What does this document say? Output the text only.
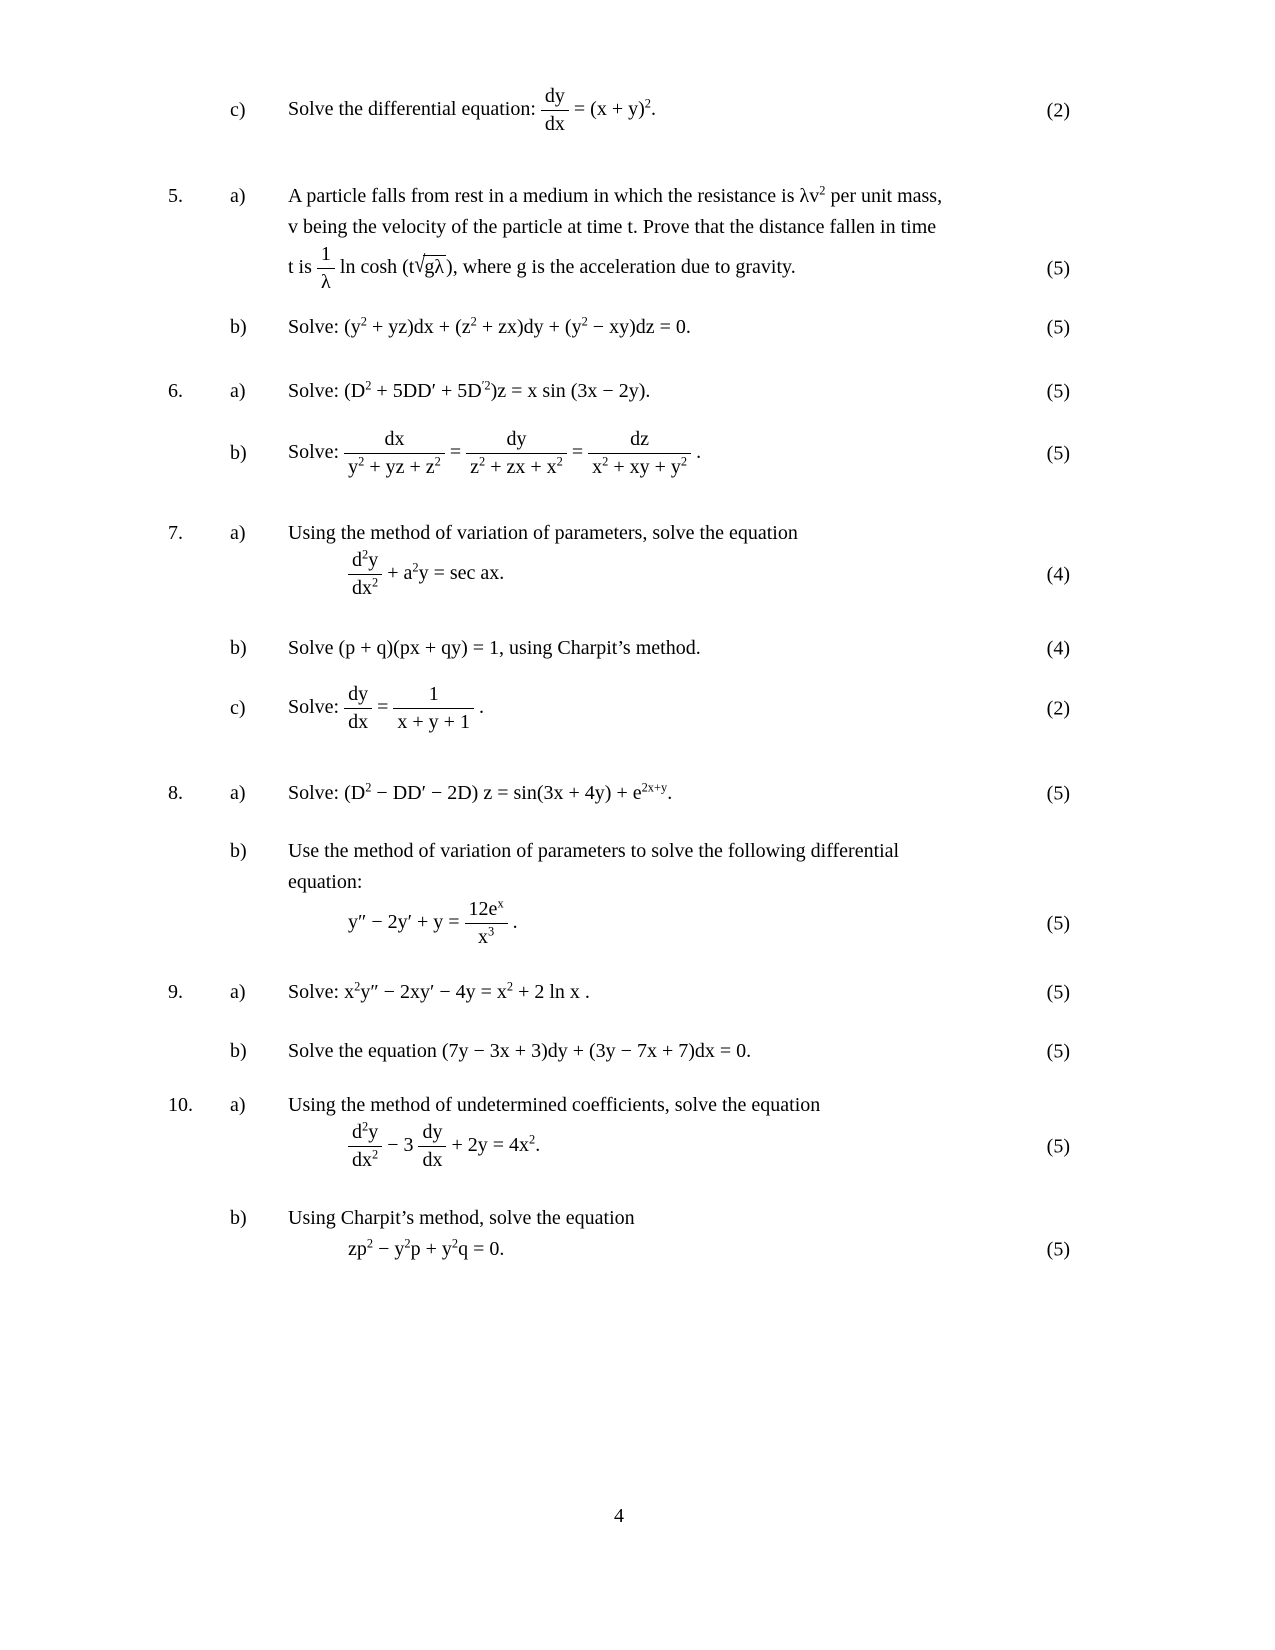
c)	Solve the differential equation: $\frac{dy}{dx} = (x + y)^2$.	(2)
5.	a)	A particle falls from rest in a medium in which the resistance is $\lambda v^2$ per unit mass,
v being the velocity of the particle at time t. Prove that the distance fallen in time
t is $\frac{1}{\lambda}$ ln cosh (t√gλ ), where g is the acceleration due to gravity.	(5)
b)	Solve: $(y^2 + yz)dx + (z^2 + zx)dy + (y^2 - xy)dz = 0$.	(5)
6.	a)	Solve: $(D^2 + 5DD' + 5D^{'2})z = x$ sin (3x − 2y).	(5)
b)	Solve: $\frac{dx}{y^2 + yz + z^2} = \frac{dy}{z^2 + zx + x^2} = \frac{dz}{x^2 + xy + y^2}$ .	(5)
7.	a)	Using the method of variation of parameters, solve the equation
$\frac{d^2y}{dx^2} + a^2y = \sec$ ax.	(4)
b)	Solve (p + q)(px + qy) = 1, using Charpit’s method.	(4)
c)	Solve: $\frac{dy}{dx} = \frac{1}{x + y + 1}$ .	(2)
8.	a)	Solve: $(D^2 - DD' - 2D) z = \sin(3x + 4y) + e^{2x+y}$.	(5)
b)	Use the method of variation of parameters to solve the following differential
equation:
$y'' - 2y' + y = \frac{12e^x}{x^3}$ .	(5)
9.	a)	Solve: $x^2y'' - 2xy' - 4y = x^2 + 2$ ln x .	(5)
b)	Solve the equation (7y − 3x + 3)dy + (3y − 7x + 7)dx = 0.	(5)
10.	a)	Using the method of undetermined coefficients, solve the equation
$\frac{d^2y}{dx^2} - 3 \frac{dy}{dx} + 2y = 4x^2$.	(5)
b)	Using Charpit’s method, solve the equation
$zp^2 - y^2p + y^2q = 0$.	(5)
4
